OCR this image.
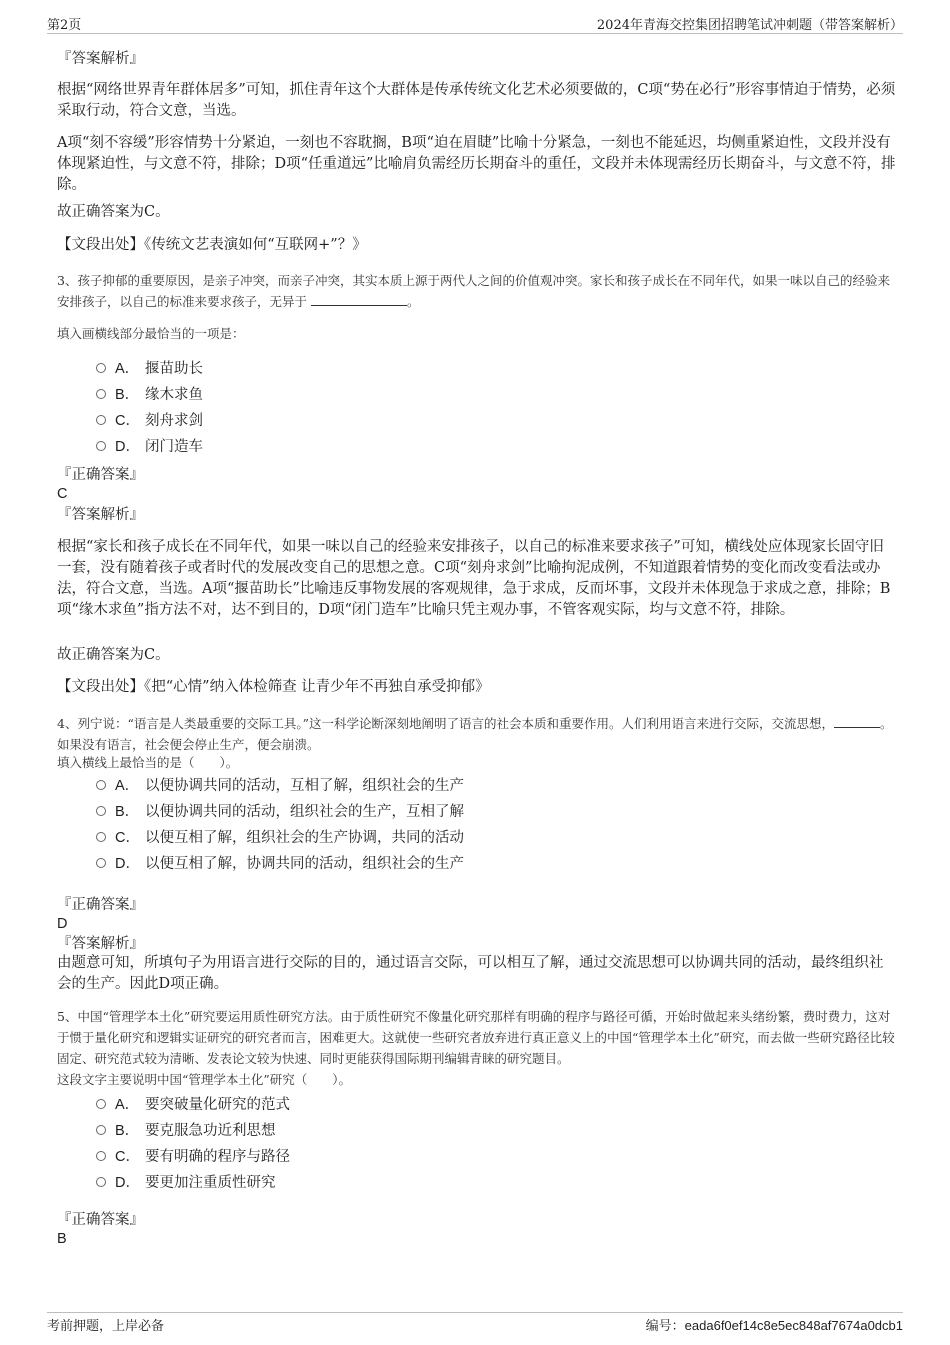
第2页	2024年青海交控集团招聘笔试冲刺题（带答案解析）
『答案解析』

根据“网络世界青年群体居多”可知，抓住青年这个大群体是传承传统文化艺术必须要做的，C项“势在必行”形容事情迫于情势，必须采取行动，符合文意，当选。

A项“刻不容缓”形容情势十分紧迫，一刻也不容耽搁，B项“迫在眉睫”比喻十分紧急，一刻也不能延迟，均侧重紧迫性，文段并没有体现紧迫性，与文意不符，排除；D项“任重道远”比喻肩负需经历长期奋斗的重任，文段并未体现需经历长期奋斗，与文意不符，排除。

故正确答案为C。

【文段出处】《传统文艺表演如何“互联网+”？》

3、孩子抑郁的重要原因，是亲子冲突，而亲子冲突，其实本质上源于两代人之间的价值观冲突。家长和孩子成长在不同年代，如果一味以自己的经验来安排孩子，以自己的标准来要求孩子，无异于	。

填入画横线部分最恰当的一项是：

A． 揠苗助长
B． 缘木求鱼
C． 刻舟求剑
D． 闭门造车
『正确答案』
C
『答案解析』

根据“家长和孩子成长在不同年代，如果一味以自己的经验来安排孩子，以自己的标准来要求孩子”可知，横线处应体现家长固守旧一套，没有随着孩子或者时代的发展改变自己的思想之意。C项“刻舟求剑”比喻拘泥成例，不知道跟着情势的变化而改变看法或办法，符合文意，当选。A项“揠苗助长”比喻违反事物发展的客观规律，急于求成，反而坏事，文段并未体现急于求成之意，排除；B项“缘木求鱼”指方法不对，达不到目的，D项“闭门造车”比喻只凭主观办事，不管客观实际，均与文意不符，排除。

故正确答案为C。

【文段出处】《把“心情”纳入体检筛查 让青少年不再独自承受抑郁》

4、列宁说：“语言是人类最重要的交际工具。”这一科学论断深刻地阐明了语言的社会本质和重要作用。人们利用语言来进行交际，交流思想，	。如果没有语言，社会便会停止生产，便会崩溃。

填入横线上最恰当的是（　　）。

A． 以便协调共同的活动，互相了解，组织社会的生产
B． 以便协调共同的活动，组织社会的生产，互相了解
C． 以便互相了解，组织社会的生产协调，共同的活动
D． 以便互相了解，协调共同的活动，组织社会的生产
『正确答案』
D
『答案解析』

由题意可知，所填句子为用语言进行交际的目的，通过语言交际，可以相互了解，通过交流思想可以协调共同的活动，最终组织社会的生产。因此D项正确。

5、中国“管理学本土化”研究要运用质性研究方法。由于质性研究不像量化研究那样有明确的程序与路径可循，开始时做起来头绪纷繁，费时费力，这对于惯于量化研究和逻辑实证研究的研究者而言，困难更大。这就使一些研究者放弃进行真正意义上的中国“管理学本土化”研究，而去做一些研究路径比较固定、研究范式较为清晰、发表论文较为快速、同时更能获得国际期刊编辑青睐的研究题目。

这段文字主要说明中国“管理学本土化”研究（　　）。

A． 要突破量化研究的范式
B． 要克服急功近利思想
C． 要有明确的程序与路径
D． 要更加注重质性研究
『正确答案』
B
考前押题，上岸必备	编号：eada6f0ef14c8e5ec848af7674a0dcb1
